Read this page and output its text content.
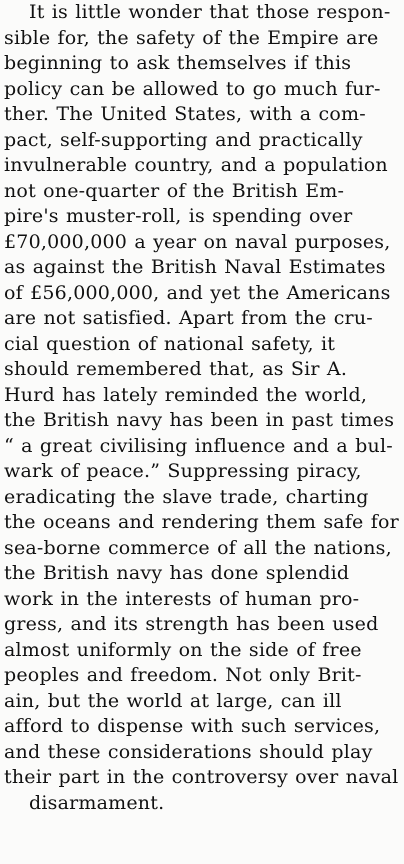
It is little wonder that those respon-
sible for, the safety of the Empire are
beginning to ask themselves if this
policy can be allowed to go much fur-
ther. The United States, with a com-
pact, self-supporting and practically
invulnerable country, and a population
not one-quarter of the British Em-
pire's muster-roll, is spending over
£70,000,000 a year on naval purposes,
as against the British Naval Estimates
of £56,000,000, and yet the Americans
are not satisfied. Apart from the cru-
cial question of national safety, it
should remembered that, as Sir A.
Hurd has lately reminded the world,
the British navy has been in past times
“ a great civilising influence and a bul-
wark of peace.” Suppressing piracy,
eradicating the slave trade, charting
the oceans and rendering them safe for
sea-borne commerce of all the nations,
the British navy has done splendid
work in the interests of human pro-
gress, and its strength has been used
almost uniformly on the side of free
peoples and freedom. Not only Brit-
ain, but the world at large, can ill
afford to dispense with such services,
and these considerations should play
their part in the controversy over naval
disarmament.
